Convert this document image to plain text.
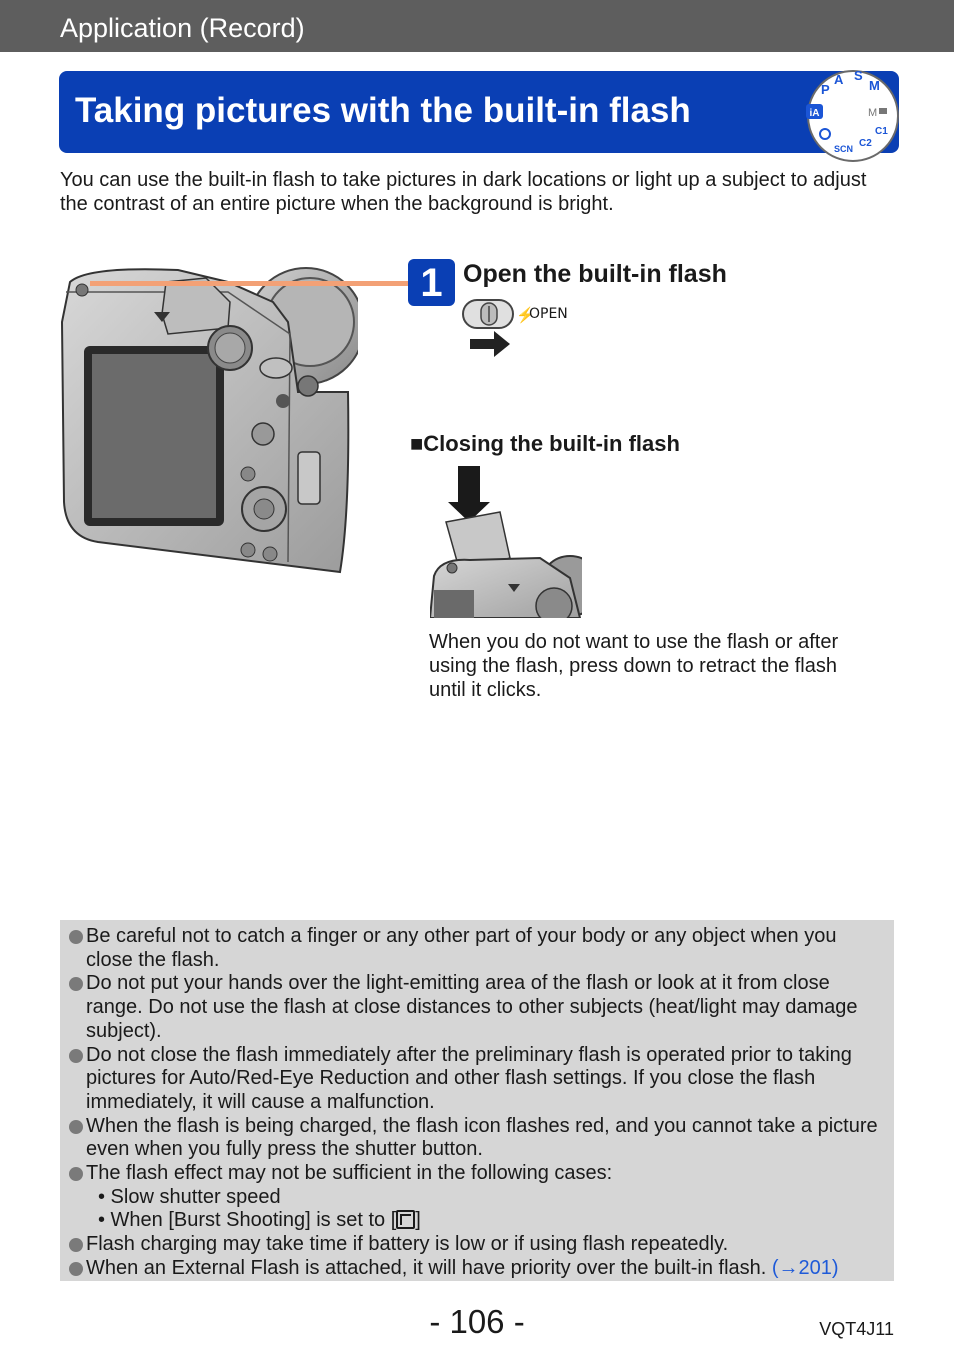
Application (Record)
Taking pictures with the built-in flash	iA
P
A S
M
M
C1
C2
SCN
You can use the built-in flash to take pictures in dark locations or light up a subject to adjust the contrast of an entire picture when the background is bright.
1 Open the built-in flash
⚡
OPEN
■Closing the built-in flash
When you do not want to use the flash or after using the flash, press down to retract the flash until it clicks.
Be careful not to catch a finger or any other part of your body or any object when you close the flash.
Do not put your hands over the light-emitting area of the flash or look at it from close range. Do not use the flash at close distances to other subjects (heat/light may damage subject).
Do not close the flash immediately after the preliminary flash is operated prior to taking pictures for Auto/Red-Eye Reduction and other flash settings. If you close the flash immediately, it will cause a malfunction.
When the flash is being charged, the flash icon flashes red, and you cannot take a picture even when you fully press the shutter button.
The flash effect may not be sufficient in the following cases:
• Slow shutter speed
• When [Burst Shooting] is set to [ ]
Flash charging may take time if battery is low or if using flash repeatedly.
When an External Flash is attached, it will have priority over the built-in flash. (→201)
- 106 -	VQT4J11
